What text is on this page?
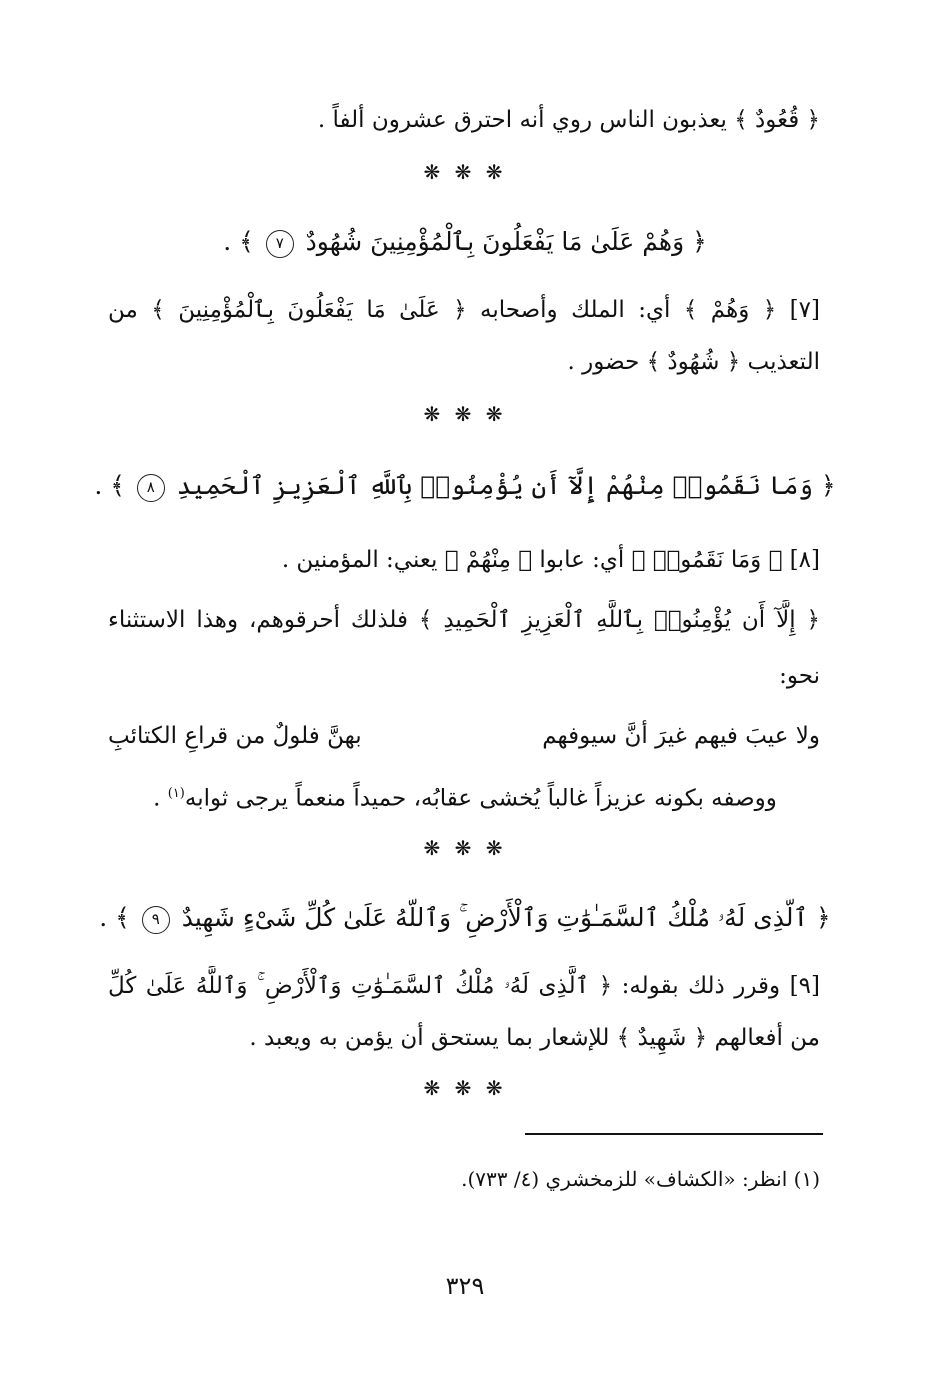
﴿ قُعُودٌ ﴾ يعذبون الناس روي أنه احترق عشرون ألفاً .
❋ ❋ ❋
﴿ وَهُمْ عَلَىٰ مَا يَفْعَلُونَ بِٱلْمُؤْمِنِينَ شُهُودٌ ٧ ﴾ .
[٧] ﴿ وَهُمْ ﴾ أي: الملك وأصحابه ﴿ عَلَىٰ مَا يَفْعَلُونَ بِٱلْمُؤْمِنِينَ ﴾ من
التعذيب ﴿ شُهُودٌ ﴾ حضور .
❋ ❋ ❋
﴿ وَمَا نَقَمُوا۟ مِنْهُمْ إِلَّآ أَن يُؤْمِنُوا۟ بِٱللَّهِ ٱلْعَزِيزِ ٱلْحَمِيدِ ٨ ﴾ .
[٨] ﴿ وَمَا نَقَمُوا۟ ﴾ أي: عابوا ﴿ مِنْهُمْ ﴾ يعني: المؤمنين .
﴿ إِلَّآ أَن يُؤْمِنُوا۟ بِٱللَّهِ ٱلْعَزِيزِ ٱلْحَمِيدِ ﴾ فلذلك أحرقوهم، وهذا الاستثناء
نحو:
ولا عيبَ فيهم غيرَ أنَّ سيوفهم
بهنَّ فلولٌ من قراعِ الكتائبِ
ووصفه بكونه عزيزاً غالباً يُخشى عقابُه، حميداً منعماً يرجى ثوابه$^{(١)}$ .
❋ ❋ ❋
﴿ ٱلَّذِى لَهُۥ مُلْكُ ٱلسَّمَـٰوَٰتِ وَٱلْأَرْضِ ۚ وَٱللَّهُ عَلَىٰ كُلِّ شَىْءٍ شَهِيدٌ ٩ ﴾ .
[٩] وقرر ذلك بقوله: ﴿ ٱلَّذِى لَهُۥ مُلْكُ ٱلسَّمَـٰوَٰتِ وَٱلْأَرْضِ ۚ وَٱللَّهُ عَلَىٰ كُلِّ
من أفعالهم ﴿ شَهِيدٌ ﴾ للإشعار بما يستحق أن يؤمن به ويعبد .
❋ ❋ ❋
(١) انظر: «الكشاف» للزمخشري (٤/ ٧٣٣).
٣٢٩
